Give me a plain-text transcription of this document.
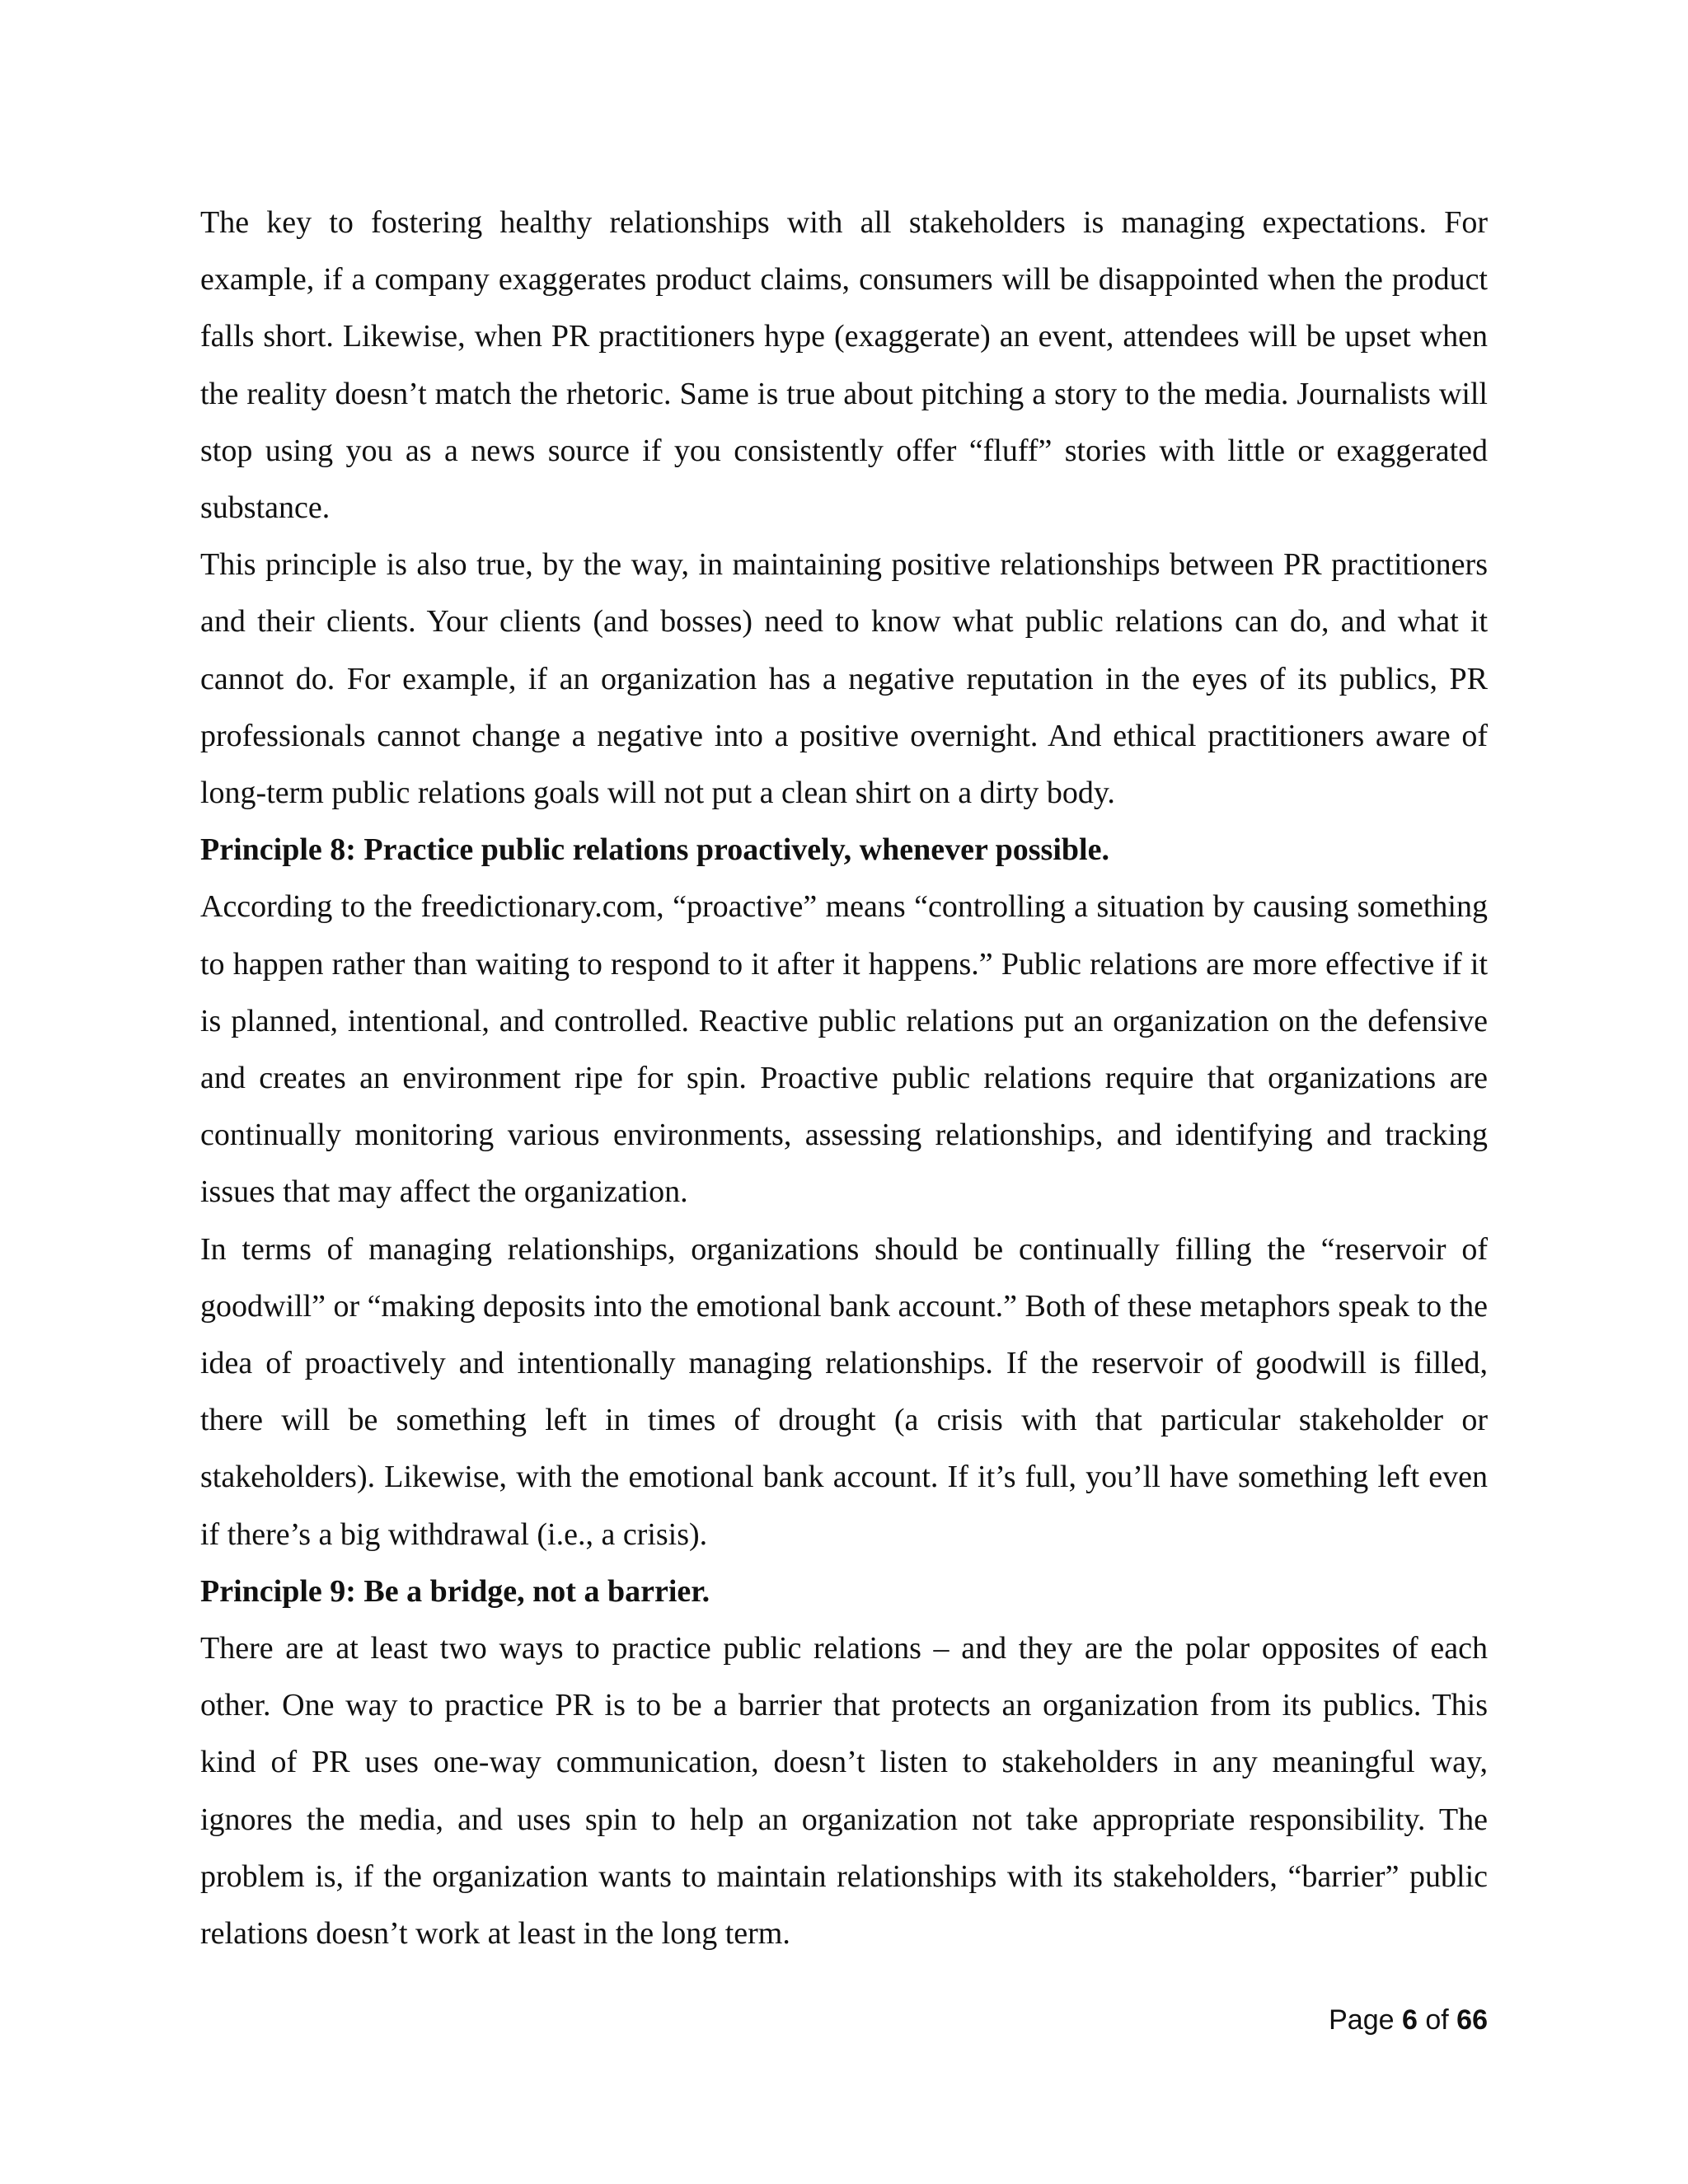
The key to fostering healthy relationships with all stakeholders is managing expectations. For example, if a company exaggerates product claims, consumers will be disappointed when the product falls short. Likewise, when PR practitioners hype (exaggerate) an event, attendees will be upset when the reality doesn’t match the rhetoric. Same is true about pitching a story to the media. Journalists will stop using you as a news source if you consistently offer “fluff” stories with little or exaggerated substance.

This principle is also true, by the way, in maintaining positive relationships between PR practitioners and their clients. Your clients (and bosses) need to know what public relations can do, and what it cannot do. For example, if an organization has a negative reputation in the eyes of its publics, PR professionals cannot change a negative into a positive overnight. And ethical practitioners aware of long-term public relations goals will not put a clean shirt on a dirty body.

Principle 8: Practice public relations proactively, whenever possible.

According to the freedictionary.com, “proactive” means “controlling a situation by causing something to happen rather than waiting to respond to it after it happens.” Public relations are more effective if it is planned, intentional, and controlled. Reactive public relations put an organization on the defensive and creates an environment ripe for spin. Proactive public relations require that organizations are continually monitoring various environments, assessing relationships, and identifying and tracking issues that may affect the organization.

In terms of managing relationships, organizations should be continually filling the “reservoir of goodwill” or “making deposits into the emotional bank account.” Both of these metaphors speak to the idea of proactively and intentionally managing relationships. If the reservoir of goodwill is filled, there will be something left in times of drought (a crisis with that particular stakeholder or stakeholders). Likewise, with the emotional bank account. If it’s full, you’ll have something left even if there’s a big withdrawal (i.e., a crisis).

Principle 9: Be a bridge, not a barrier.

There are at least two ways to practice public relations – and they are the polar opposites of each other. One way to practice PR is to be a barrier that protects an organization from its publics. This kind of PR uses one-way communication, doesn’t listen to stakeholders in any meaningful way, ignores the media, and uses spin to help an organization not take appropriate responsibility. The problem is, if the organization wants to maintain relationships with its stakeholders, “barrier” public relations doesn’t work at least in the long term.

Page 6 of 66
